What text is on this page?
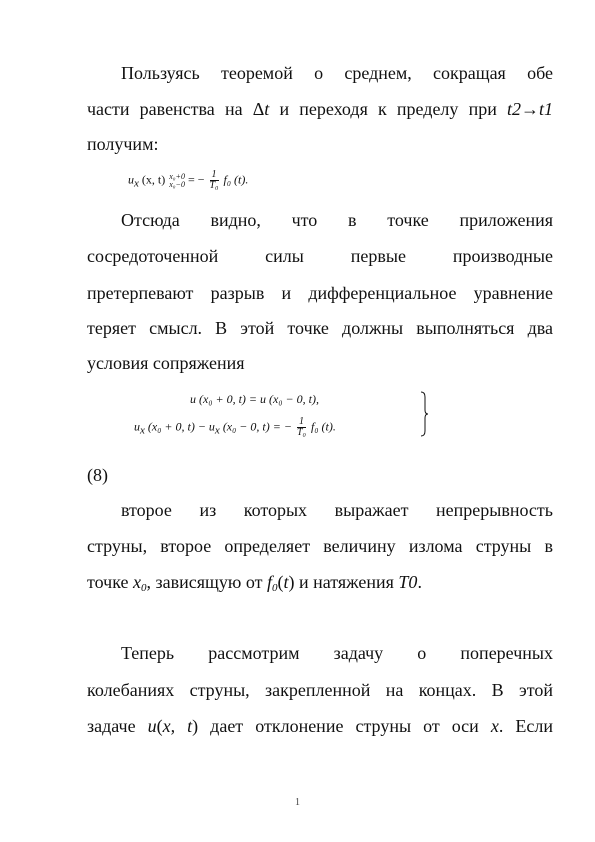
Пользуясь теоремой о среднем, сокращая обе
части равенства на Δt и переходя к пределу при t2→t1
получим:
$u_x$ (x, t) x₀+0
x₀−0 = − $\frac{1}{\text{T₀}} f_0$ (t).
Отсюда видно, что в точке приложения
сосредоточенной силы первые производные
претерпевают разрыв и дифференциальное уравнение
теряет смысл. В этой точке должны выполняться два
условия сопряжения
u (x₀ + 0, t) = u (x₀ − 0, t),
$u_x$ (x₀ + 0, $t) - u_x$ (x₀ − 0, t) = − $\frac{1}{\text{T₀}} f_0$ (t).
(8)
второе из которых выражает непрерывность
струны, второе определяет величину излома струны в
точке $x_0$, зависящую от $f_0(t)$ и натяжения T0.
Теперь рассмотрим задачу о поперечных
колебаниях струны, закрепленной на концах. В этой
задаче u(x, t) дает отклонение струны от оси x. Если
1
